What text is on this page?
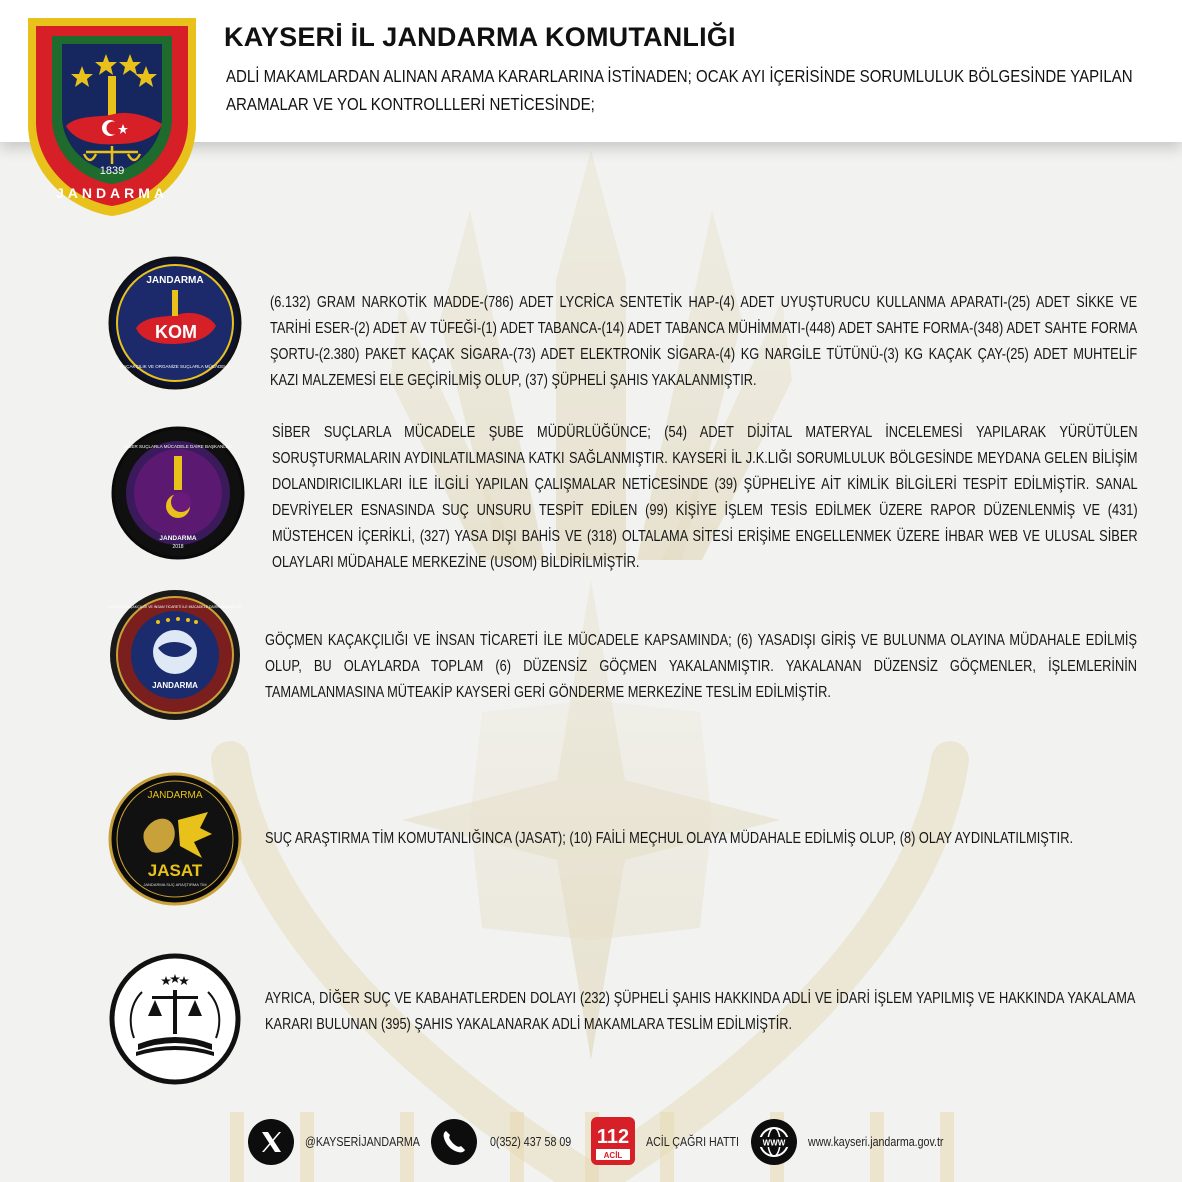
KAYSERİ İL JANDARMA KOMUTANLIĞI
ADLİ MAKAMLARDAN ALINAN ARAMA KARARLARINA İSTİNADEN; OCAK AYI İÇERİSİNDE SORUMLULUK BÖLGESİNDE YAPILAN ARAMALAR VE YOL KONTROLLLERİ NETİCESİNDE;
1839
JANDARMA
JANDARMA
KOM
KAÇAKÇILIK VE ORGANİZE SUÇLARLA MÜCADELE
(6.132) GRAM NARKOTİK MADDE-(786) ADET LYCRİCA SENTETİK HAP-(4) ADET UYUŞTURUCU KULLANMA APARATI-(25) ADET SİKKE VE TARİHİ ESER-(2) ADET AV TÜFEĞİ-(1) ADET TABANCA-(14) ADET TABANCA MÜHİMMATI-(448) ADET SAHTE FORMA-(348) ADET SAHTE FORMA ŞORTU-(2.380) PAKET KAÇAK SİGARA-(73) ADET ELEKTRONİK SİGARA-(4) KG NARGİLE TÜTÜNÜ-(3) KG KAÇAK ÇAY-(25) ADET MUHTELİF KAZI MALZEMESİ ELE GEÇİRİLMİŞ OLUP, (37) ŞÜPHELİ ŞAHIS YAKALANMIŞTIR.
SİBER SUÇLARLA MÜCADELE DAİRE BAŞKANLIĞI
JANDARMA
2018
SİBER SUÇLARLA MÜCADELE ŞUBE MÜDÜRLÜĞÜNCE; (54) ADET DİJİTAL MATERYAL İNCELEMESİ YAPILARAK YÜRÜTÜLEN SORUŞTURMALARIN AYDINLATILMASINA KATKI SAĞLANMIŞTIR. KAYSERİ İL J.K.LIĞI SORUMLULUK BÖLGESİNDE MEYDANA GELEN BİLİŞİM DOLANDIRICILIKLARI İLE İLGİLİ YAPILAN ÇALIŞMALAR NETİCESİNDE (39) ŞÜPHELİYE AİT KİMLİK BİLGİLERİ TESPİT EDİLMİŞTİR. SANAL DEVRİYELER ESNASINDA SUÇ UNSURU TESPİT EDİLEN (99) KİŞİYE İŞLEM TESİS EDİLMEK ÜZERE RAPOR DÜZENLENMİŞ VE (431) MÜSTEHCEN İÇERİKLİ, (327) YASA DIŞI BAHİS VE (318) OLTALAMA SİTESİ ERİŞİME ENGELLENMEK ÜZERE İHBAR WEB VE ULUSAL SİBER OLAYLARI MÜDAHALE MERKEZİNE (USOM) BİLDİRİLMİŞTİR.
GÖÇMEN KAÇAKÇILIĞI VE İNSAN TİCARETİ İLE MÜCADELE DAİRE BAŞKANLIĞI
JANDARMA
GÖÇMEN KAÇAKÇILIĞI VE İNSAN TİCARETİ İLE MÜCADELE KAPSAMINDA; (6) YASADIŞI GİRİŞ VE BULUNMA OLAYINA MÜDAHALE EDİLMİŞ OLUP, BU OLAYLARDA TOPLAM (6) DÜZENSİZ GÖÇMEN YAKALANMIŞTIR. YAKALANAN DÜZENSİZ GÖÇMENLER, İŞLEMLERİNİN TAMAMLANMASINA MÜTEAKİP KAYSERİ GERİ GÖNDERME MERKEZİNE TESLİM EDİLMİŞTİR.
JANDARMA
JASAT
JANDARMA SUÇ ARAŞTIRMA TİM
SUÇ ARAŞTIRMA TİM KOMUTANLIĞINCA (JASAT); (10) FAİLİ MEÇHUL OLAYA MÜDAHALE EDİLMİŞ OLUP, (8) OLAY AYDINLATILMIŞTIR.
AYRICA, DİĞER SUÇ VE KABAHATLERDEN DOLAYI (232) ŞÜPHELİ ŞAHIS HAKKINDA ADLİ VE İDARİ İŞLEM YAPILMIŞ VE HAKKINDA YAKALAMA KARARI BULUNAN (395) ŞAHIS YAKALANARAK ADLİ MAKAMLARA TESLİM EDİLMİŞTİR.
@KAYSERİJANDARMA	0(352) 437 58 09 112
ACİL
ACİL ÇAĞRI HATTI	WWW www.kayseri.jandarma.gov.tr
